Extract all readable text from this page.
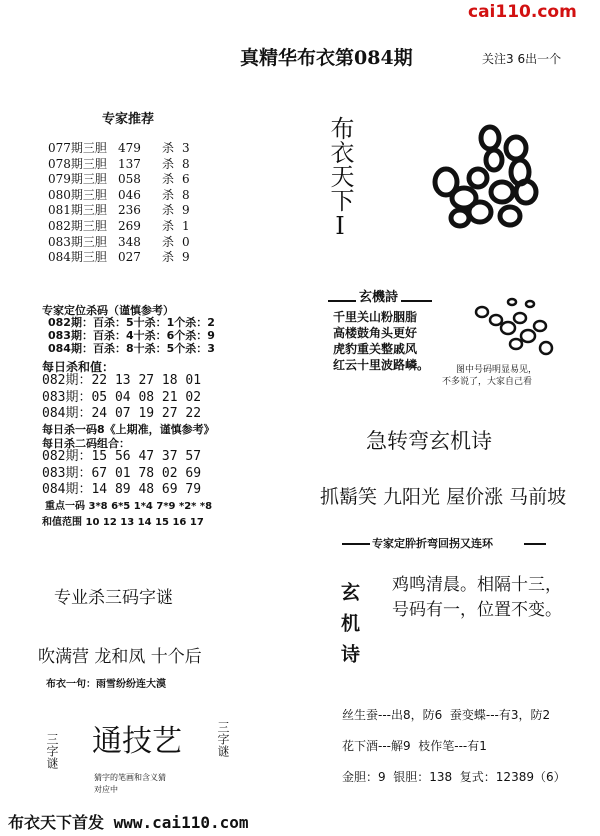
cai110.com
真精华布衣第084期	关注3 6出一个
专家推荐
077期三胆 479 杀 3
078期三胆 137 杀 8
079期三胆 058 杀 6
080期三胆 046 杀 8
081期三胆 236 杀 9
082期三胆 269 杀 1
083期三胆 348 杀 0
084期三胆 027 杀 9
专家定位杀码（谨慎参考）
082期：百杀：5十杀：1个杀：2
083期：百杀：4十杀：6个杀：9
084期：百杀：8十杀：5个杀：3
每日杀和值：
082期：22 13 27 18 01
083期：05 04 08 21 02
084期：24 07 19 27 22
每日杀一码8《上期准，谨慎参考》
每日杀二码组合：
082期：15 56 47 37 57
083期：67 01 78 02 69
084期：14 89 48 69 79
重点一码 3*8 6*5 1*4 7*9 *2* *8
和值范围 10 12 13 14 15 16 17
专业杀三码字谜
吹满营 龙和凤 十个后
布衣一句：雨雪纷纷连大漠
三字谜 通技艺	三字谜
猜字的笔画和含义猜
对应中
布衣天下I
图中号码明显易见，
不多说了，大家自己看
玄機詩
千里关山粉胭脂
高楼鼓角头更好
虎豹重关整戚风
红云十里波路嶙。
急转弯玄机诗
抓鬍笑 九阳光 屋价涨 马前坡
专家定肸折弯回拐又连环
玄机诗 鸡鸣清晨。相隔十三，
号码有一，位置不变。
丝生蚕---出8，防6  蚕变蝶---有3，防2
花下酒---解9  枝作笔---有1
金胆：9  银胆：138  复式：12389（6）
布衣天下首发 www.cai110.com
